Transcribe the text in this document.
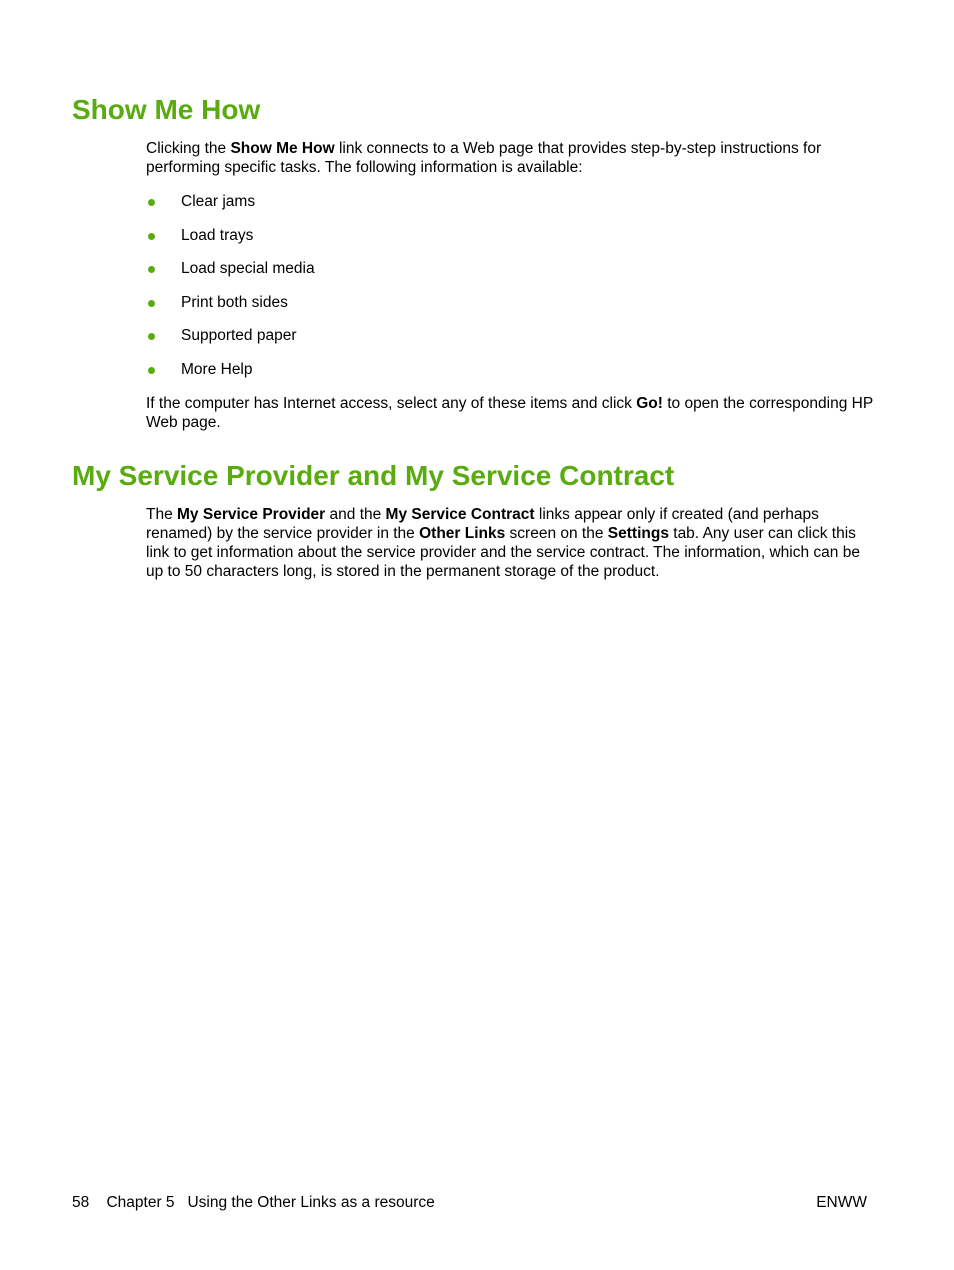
Show Me How

Clicking the Show Me How link connects to a Web page that provides step-by-step instructions for performing specific tasks. The following information is available:

Clear jams
Load trays
Load special media
Print both sides
Supported paper
More Help

If the computer has Internet access, select any of these items and click Go! to open the corresponding HP Web page.

My Service Provider and My Service Contract

The My Service Provider and the My Service Contract links appear only if created (and perhaps renamed) by the service provider in the Other Links screen on the Settings tab. Any user can click this link to get information about the service provider and the service contract. The information, which can be up to 50 characters long, is stored in the permanent storage of the product.

58 Chapter 5 Using the Other Links as a resource	ENWW
